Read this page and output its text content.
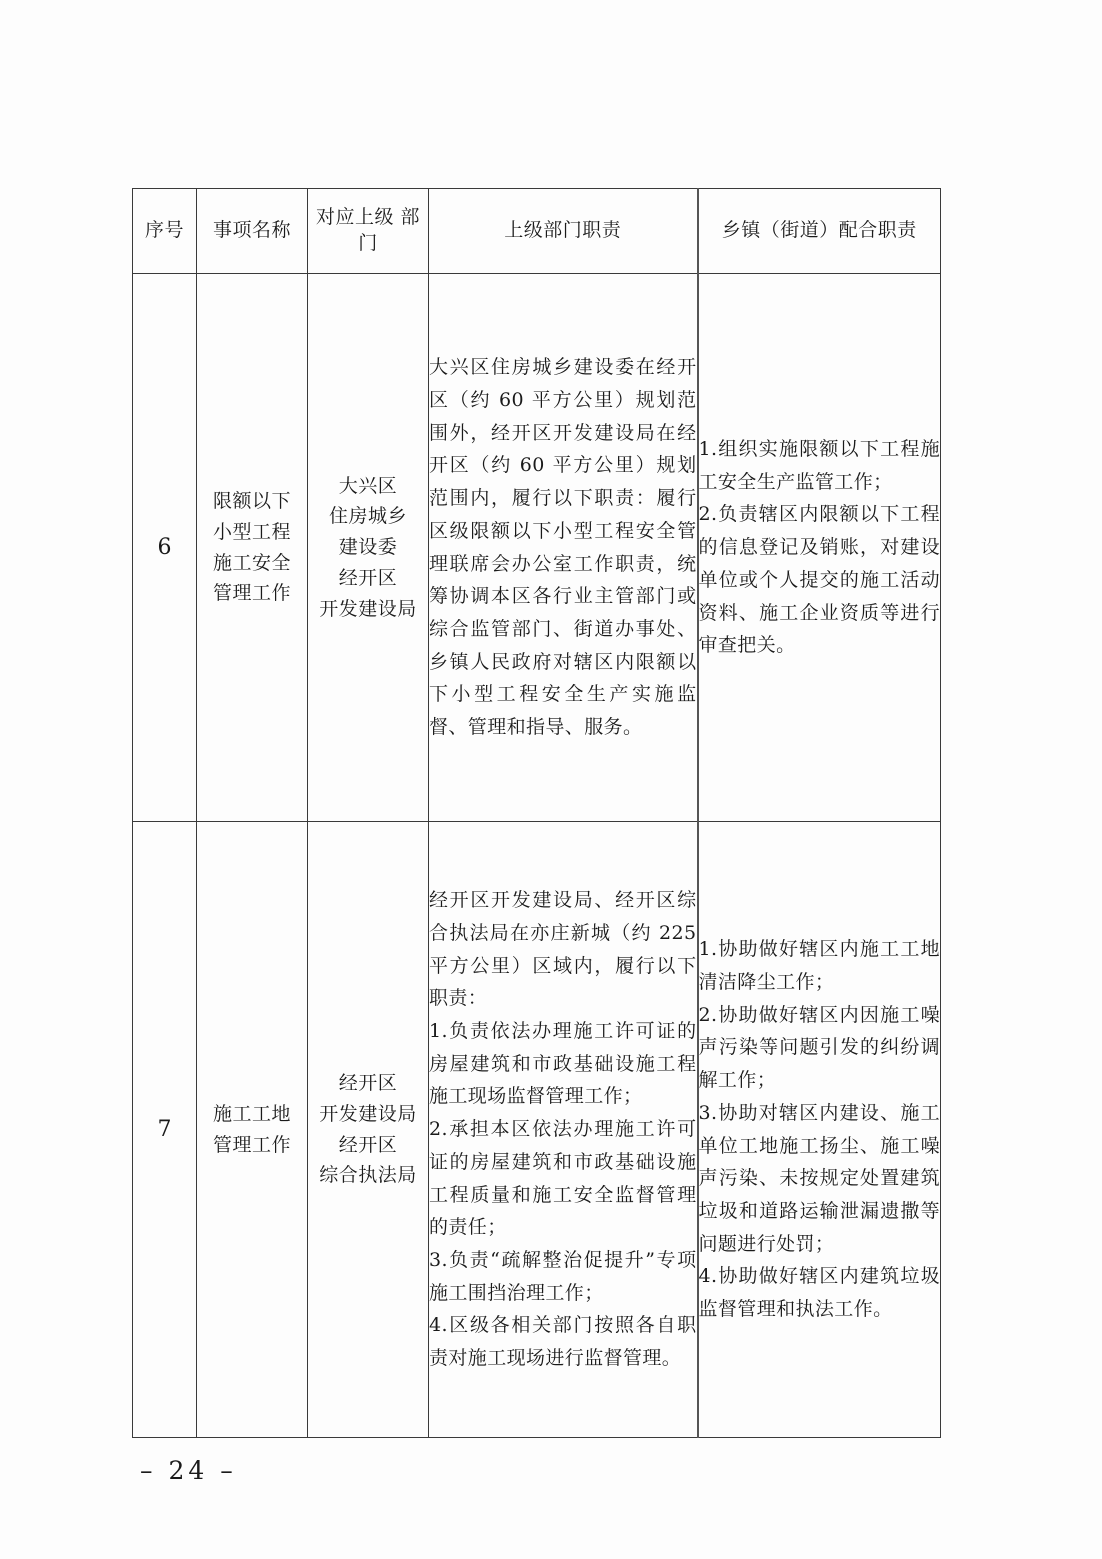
序号	事项名称	对应上级 部门	上级部门职责	乡镇（街道）配合职责
6	限额以下
小型工程
施工安全
管理工作	大兴区
住房城乡
建设委
经开区
开发建设局	大兴区住房城乡建设委在经开区（约 60 平方公里）规划范围外，经开区开发建设局在经开区（约 60 平方公里）规划范围内，履行以下职责：履行区级限额以下小型工程安全管理联席会办公室工作职责，统筹协调本区各行业主管部门或综合监管部门、街道办事处、乡镇人民政府对辖区内限额以下小型工程安全生产实施监督、管理和指导、服务。	1.组织实施限额以下工程施工安全生产监管工作；
2.负责辖区内限额以下工程的信息登记及销账，对建设单位或个人提交的施工活动资料、施工企业资质等进行审查把关。

7	施工工地
管理工作	经开区
开发建设局
经开区
综合执法局	经开区开发建设局、经开区综合执法局在亦庄新城（约 225 平方公里）区域内，履行以下职责：
1.负责依法办理施工许可证的房屋建筑和市政基础设施工程施工现场监督管理工作；
2.承担本区依法办理施工许可证的房屋建筑和市政基础设施工程质量和施工安全监督管理的责任；
3.负责“疏解整治促提升”专项施工围挡治理工作；
4.区级各相关部门按照各自职责对施工现场进行监督管理。	1.协助做好辖区内施工工地清洁降尘工作；
2.协助做好辖区内因施工噪声污染等问题引发的纠纷调解工作；
3.协助对辖区内建设、施工单位工地施工扬尘、施工噪声污染、未按规定处置建筑垃圾和道路运输泄漏遗撒等问题进行处罚；
4.协助做好辖区内建筑垃圾监督管理和执法工作。

– 24 –
